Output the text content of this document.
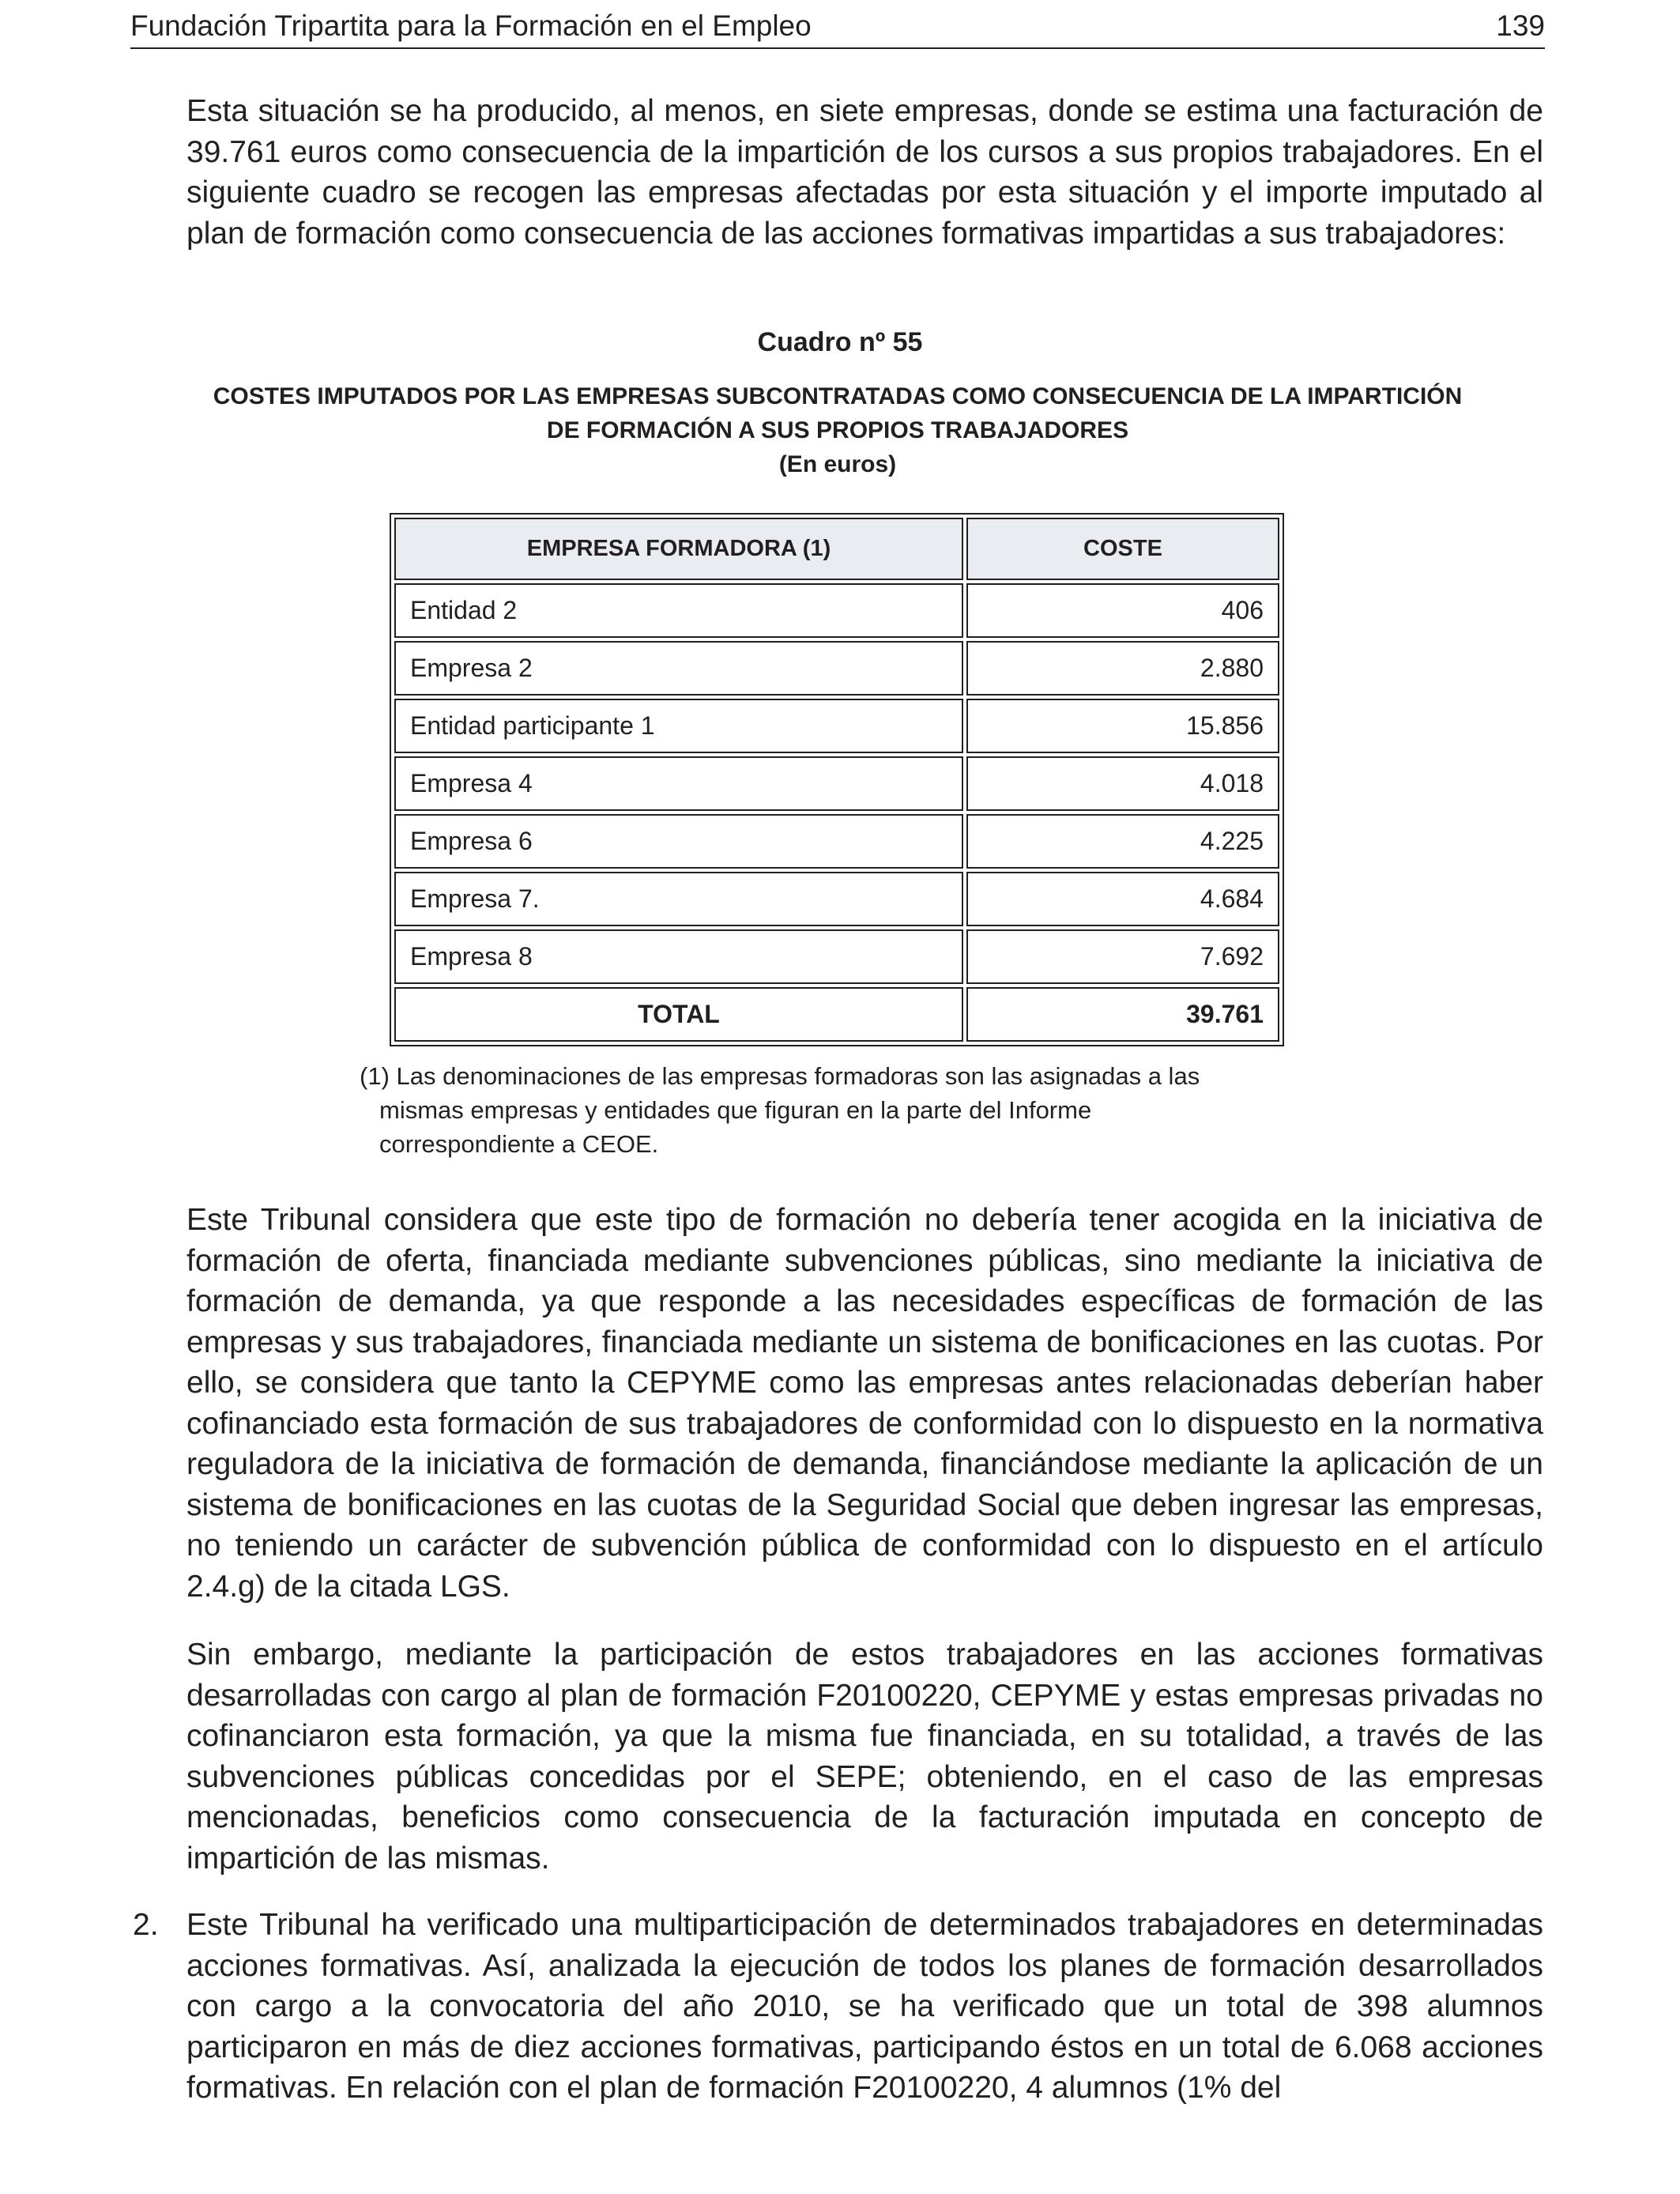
Fundación Tripartita para la Formación en el Empleo	139

Esta situación se ha producido, al menos, en siete empresas, donde se estima una facturación de 39.761 euros como consecuencia de la impartición de los cursos a sus propios trabajadores. En el siguiente cuadro se recogen las empresas afectadas por esta situación y el importe imputado al plan de formación como consecuencia de las acciones formativas impartidas a sus trabajadores:

Cuadro nº 55
COSTES IMPUTADOS POR LAS EMPRESAS SUBCONTRATADAS COMO CONSECUENCIA DE LA IMPARTICIÓN
DE FORMACIÓN A SUS PROPIOS TRABAJADORES
(En euros)
EMPRESA FORMADORA (1)	COSTE
Entidad 2	406
Empresa 2	2.880
Entidad participante 1	15.856
Empresa 4	4.018
Empresa 6	4.225
Empresa 7.	4.684
Empresa 8	7.692
TOTAL	39.761
(1) Las denominaciones de las empresas formadoras son las asignadas a las
mismas empresas y entidades que figuran en la parte del Informe
correspondiente a CEOE.

Este Tribunal considera que este tipo de formación no debería tener acogida en la iniciativa de formación de oferta, financiada mediante subvenciones públicas, sino mediante la iniciativa de formación de demanda, ya que responde a las necesidades específicas de formación de las empresas y sus trabajadores, financiada mediante un sistema de bonificaciones en las cuotas. Por ello, se considera que tanto la CEPYME como las empresas antes relacionadas deberían haber cofinanciado esta formación de sus trabajadores de conformidad con lo dispuesto en la normativa reguladora de la iniciativa de formación de demanda, financiándose mediante la aplicación de un sistema de bonificaciones en las cuotas de la Seguridad Social que deben ingresar las empresas, no teniendo un carácter de subvención pública de conformidad con lo dispuesto en el artículo 2.4.g) de la citada LGS.

Sin embargo, mediante la participación de estos trabajadores en las acciones formativas desarrolladas con cargo al plan de formación F20100220, CEPYME y estas empresas privadas no cofinanciaron esta formación, ya que la misma fue financiada, en su totalidad, a través de las subvenciones públicas concedidas por el SEPE; obteniendo, en el caso de las empresas mencionadas, beneficios como consecuencia de la facturación imputada en concepto de impartición de las mismas.

2. Este Tribunal ha verificado una multiparticipación de determinados trabajadores en determinadas acciones formativas. Así, analizada la ejecución de todos los planes de formación desarrollados con cargo a la convocatoria del año 2010, se ha verificado que un total de 398 alumnos participaron en más de diez acciones formativas, participando éstos en un total de 6.068 acciones formativas. En relación con el plan de formación F20100220, 4 alumnos (1% del
